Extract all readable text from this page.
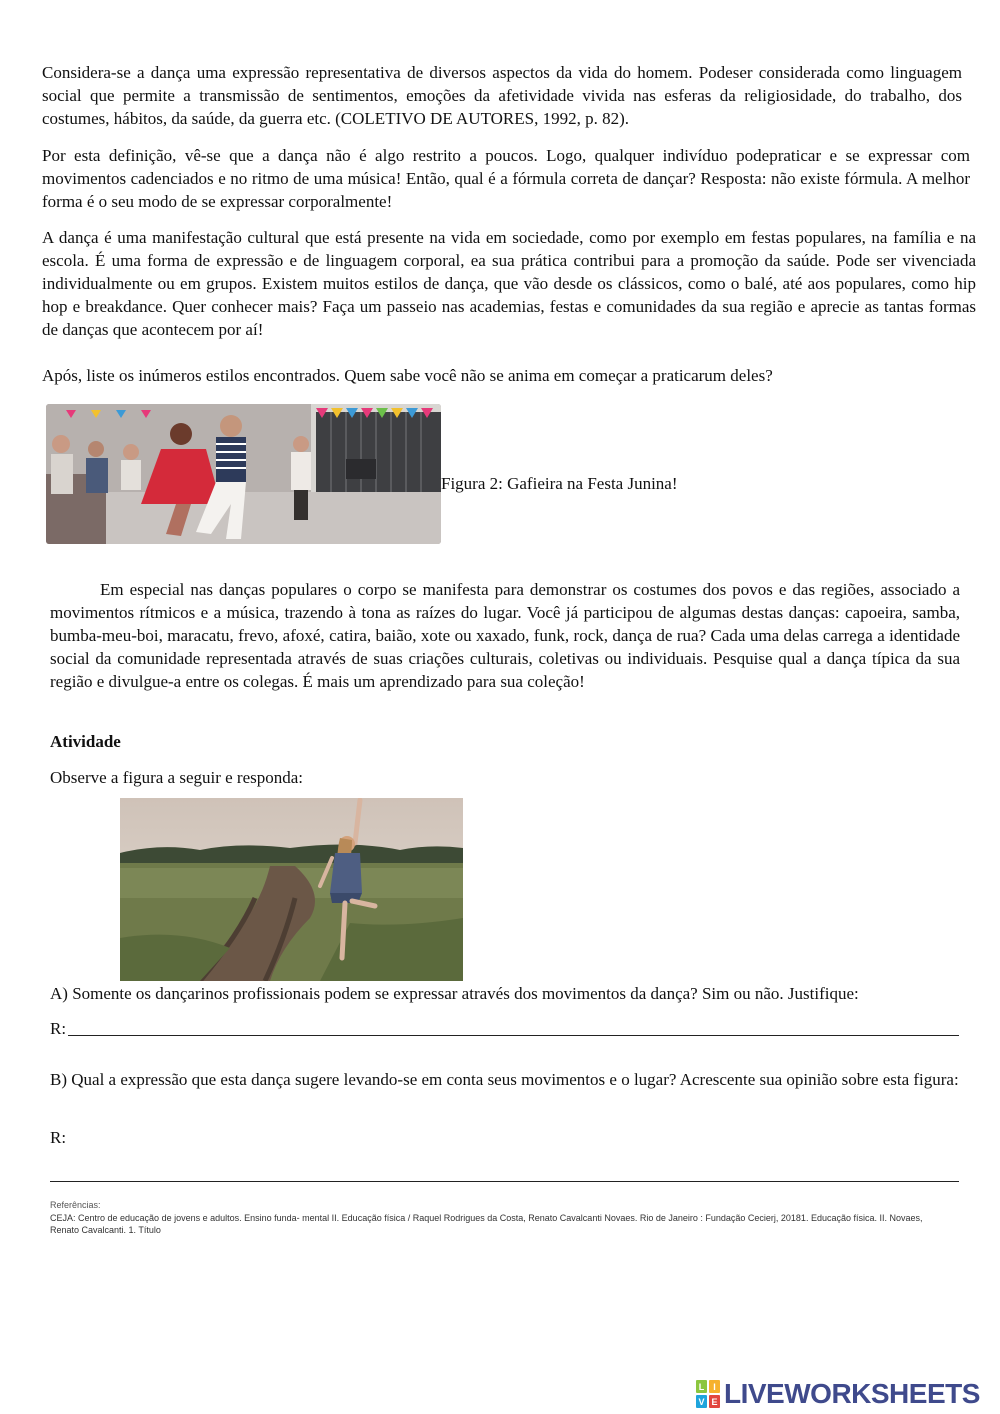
Considera-se a dança uma expressão representativa de diversos aspectos da vida do homem. Podeser considerada como linguagem social que permite a transmissão de sentimentos, emoções da afetividade vivida nas esferas da religiosidade, do trabalho, dos costumes, hábitos, da saúde, da guerra etc. (COLETIVO DE AUTORES, 1992, p. 82).

Por esta definição, vê-se que a dança não é algo restrito a poucos. Logo, qualquer indivíduo podepraticar e se expressar com movimentos cadenciados e no ritmo de uma música! Então, qual é a fórmula correta de dançar? Resposta: não existe fórmula. A melhor forma é o seu modo de se expressar corporalmente!

A dança é uma manifestação cultural que está presente na vida em sociedade, como por exemplo em festas populares, na família e na escola. É uma forma de expressão e de linguagem corporal, ea sua prática contribui para a promoção da saúde. Pode ser vivenciada individualmente ou em grupos. Existem muitos estilos de dança, que vão desde os clássicos, como o balé, até aos populares, como hip hop e breakdance. Quer conhecer mais? Faça um passeio nas academias, festas e comunidades da sua região e aprecie as tantas formas de danças que acontecem por aí!

Após, liste os inúmeros estilos encontrados. Quem sabe você não se anima em começar a praticarum deles?

Figura 2: Gafieira na Festa Junina!

Em especial nas danças populares o corpo se manifesta para demonstrar os costumes dos povos e das regiões, associado a movimentos rítmicos e a música, trazendo à tona as raízes do lugar. Você já participou de algumas destas danças: capoeira, samba, bumba-meu-boi, maracatu, frevo, afoxé, catira, baião, xote ou xaxado, funk, rock, dança de rua? Cada uma delas carrega a identidade social da comunidade representada através de suas criações culturais, coletivas ou individuais. Pesquise qual a dança típica da sua região e divulgue-a entre os colegas. É mais um aprendizado para sua coleção!

Atividade
Observe a figura a seguir e responda:

A) Somente os dançarinos profissionais podem se expressar através dos movimentos da dança? Sim ou não. Justifique:

R:

B) Qual a expressão que esta dança sugere levando-se em conta seus movimentos e o lugar? Acrescente sua opinião sobre esta figura:

R:
Referências:
CEJA: Centro de educação de jovens e adultos. Ensino funda- mental II. Educação física / Raquel Rodrigues da Costa, Renato Cavalcanti Novaes. Rio de Janeiro : Fundação Cecierj, 20181. Educação física. II. Novaes, Renato Cavalcanti. 1. Título
L I
V E LIVEWORKSHEETS
